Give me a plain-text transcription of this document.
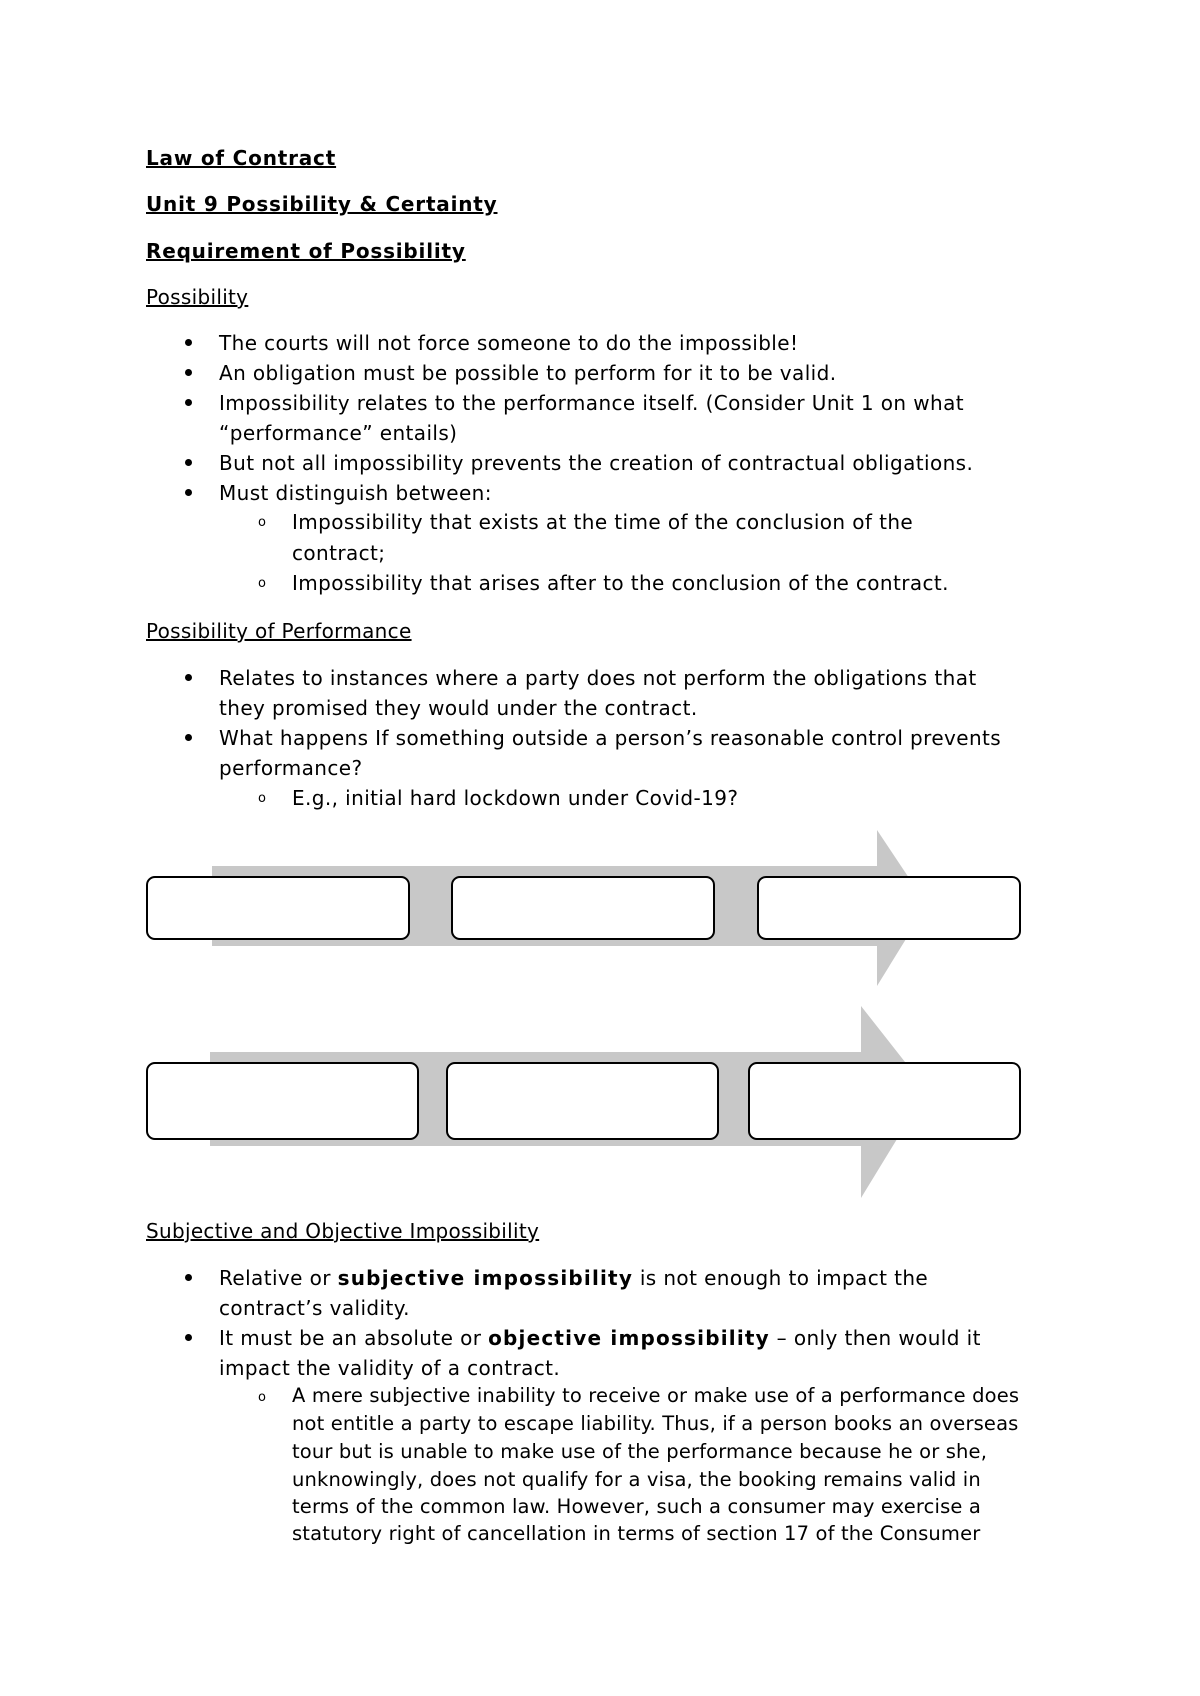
Law of Contract
Unit 9 Possibility & Certainty
Requirement of Possibility
Possibility
The courts will not force someone to do the impossible!
An obligation must be possible to perform for it to be valid.
Impossibility relates to the performance itself. (Consider Unit 1 on what
“performance” entails)
But not all impossibility prevents the creation of contractual obligations.
Must distinguish between:
o Impossibility that exists at the time of the conclusion of the
contract;
o Impossibility that arises after to the conclusion of the contract.
Possibility of Performance
Relates to instances where a party does not perform the obligations that
they promised they would under the contract.
What happens If something outside a person’s reasonable control prevents
performance?
o E.g., initial hard lockdown under Covid-19?
Subjective and Objective Impossibility
Relative or subjective impossibility is not enough to impact the
contract’s validity.
It must be an absolute or objective impossibility – only then would it
impact the validity of a contract.
o A mere subjective inability to receive or make use of a performance does
not entitle a party to escape liability. Thus, if a person books an overseas
tour but is unable to make use of the performance because he or she,
unknowingly, does not qualify for a visa, the booking remains valid in
terms of the common law. However, such a consumer may exercise a
statutory right of cancellation in terms of section 17 of the Consumer
